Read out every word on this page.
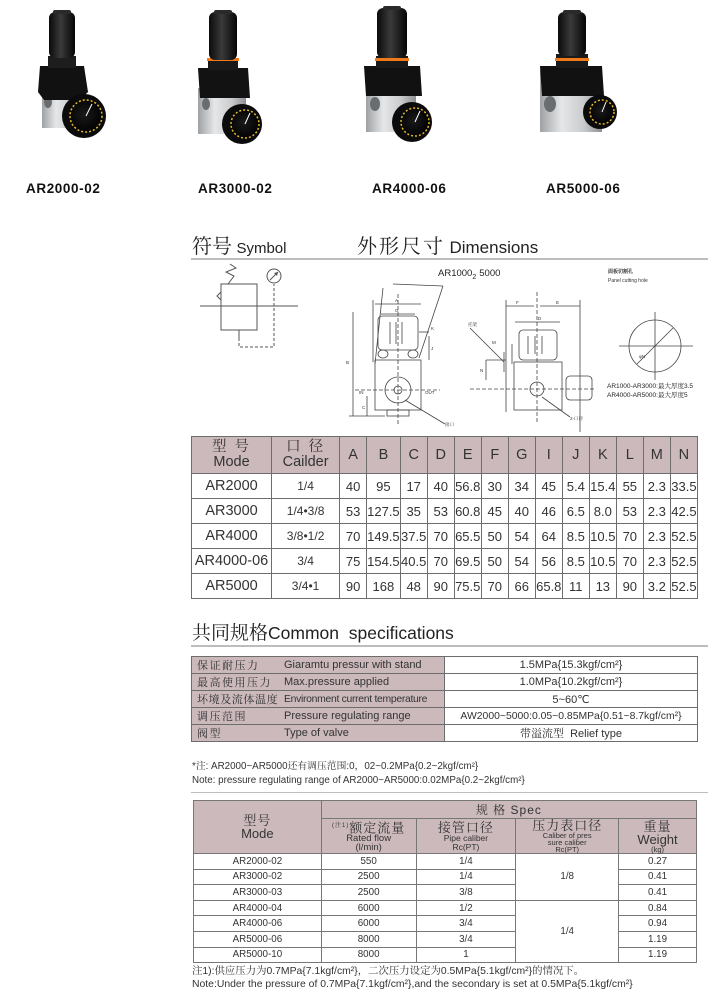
AR2000-02	AR3000-02	AR4000-06	AR5000-06
符号 Symbol	外形尺寸 Dimensions
$AR1000_2$ 5000
A
G
B
C
K
J
IN	OUT
接口
F	E
D
M
N
托架
2-口径
面板切割孔
Panel cutting hole
φN
AR1000-AR3000:最大厚度3.5
AR4000-AR5000:最大厚度5
型 号
Mode	口 径
Cailder	A	B	C	D	E	F	G	I	J	K	L	M	N
AR2000	1/4	40	95	17	40	56.8	30	34	45	5.4	15.4	55	2.3	33.5
AR3000	1/4•3/8	53	127.5	35	53	60.8	45	40	46	6.5	8.0	53	2.3	42.5
AR4000	3/8•1/2	70	149.5	37.5	70	65.5	50	54	64	8.5	10.5	70	2.3	52.5
AR4000-06	3/4	75	154.5	40.5	70	69.5	50	54	56	8.5	10.5	70	2.3	52.5
AR5000	3/4•1	90	168	48	90	75.5	70	66	65.8	11	13	90	3.2	52.5
共同规格Common  specifications
保证耐压力	Giaramtu pressur with stand	1.5MPa{15.3kgf/cm²}
最高使用压力	Max.pressure applied	1.0MPa{10.2kgf/cm²}
坏境及流体温度	Environment current temperature	5~60℃
调压范围	Pressure regulating range	AW2000~5000:0.05~0.85MPa{0.51~8.7kgf/cm²}
阀型	Type of valve	带溢流型  Relief type
*注: AR2000~AR5000还有调压范围:0，02~0.2MPa{0.2~2kgf/cm²}
Note: pressure regulating range of AR2000~AR5000:0.02MPa{0.2~2kgf/cm²}
型号
Mode	规 格 Spec			

	$^{(注1)}$额定流量
Rated flow
(l/min)	接管口径
Pipe caliber
Rc(PT)	压力表口径
Caliber of pres
sure caliber
Rc(PT)	重量
Weight
(kg)

AR2000-02	550	1/4	1/8	0.27
AR3000-02	2500	1/4		0.41
AR3000-03	2500	3/8		0.41
AR4000-04	6000	1/2	1/4	0.84
AR4000-06	6000	3/4		0.94
AR5000-06	8000	3/4		1.19
AR5000-10	8000	1		1.19
注1):供应压力为0.7MPa{7.1kgf/cm²}，二次压力设定为0.5MPa{5.1kgf/cm²}的情况下。
Note:Under the pressure of 0.7MPa{7.1kgf/cm²},and the secondary is set at 0.5MPa{5.1kgf/cm²}
